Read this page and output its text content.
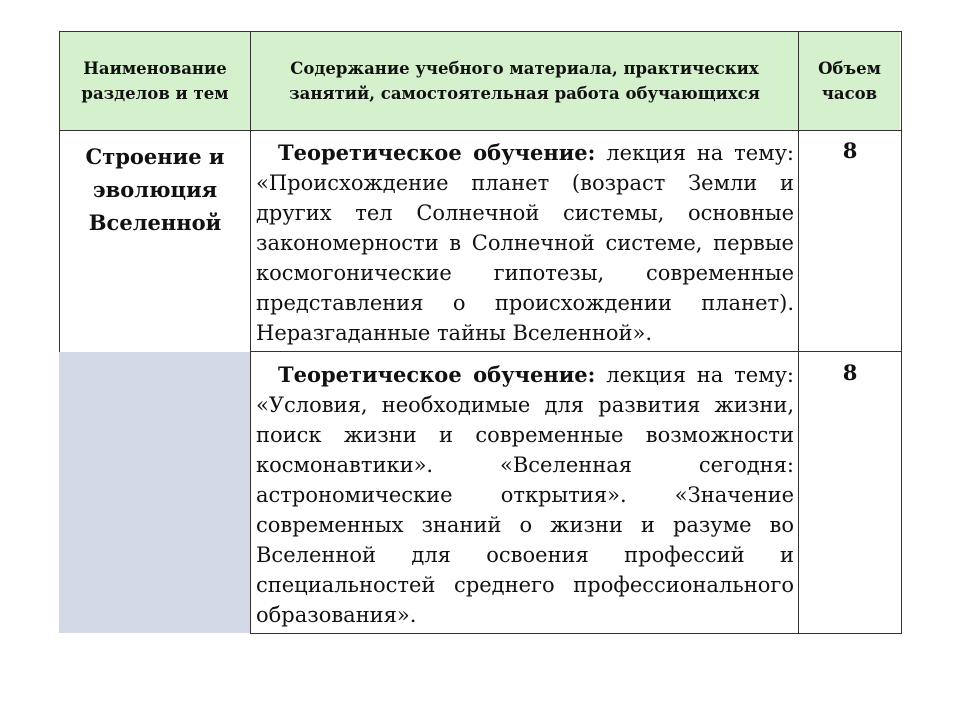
Наименование разделов и тем
Содержание учебного материала, практических занятий, самостоятельная работа обучающихся
Объем часов
Строение и эволюция Вселенной
Теоретическое обучение: лекция на тему: «Происхождение планет (возраст Земли и других тел Солнечной системы, основные закономерности в Солнечной системе, первые космогонические гипотезы, современные представления о происхождении планет). Неразгаданные тайны Вселенной».
8
Теоретическое обучение: лекция на тему: «Условия, необходимые для развития жизни, поиск жизни и современные возможности космонавтики». «Вселенная сегодня: астрономические открытия». «Значение современных знаний о жизни и разуме во Вселенной для освоения профессий и специальностей среднего профессионального образования».
8
